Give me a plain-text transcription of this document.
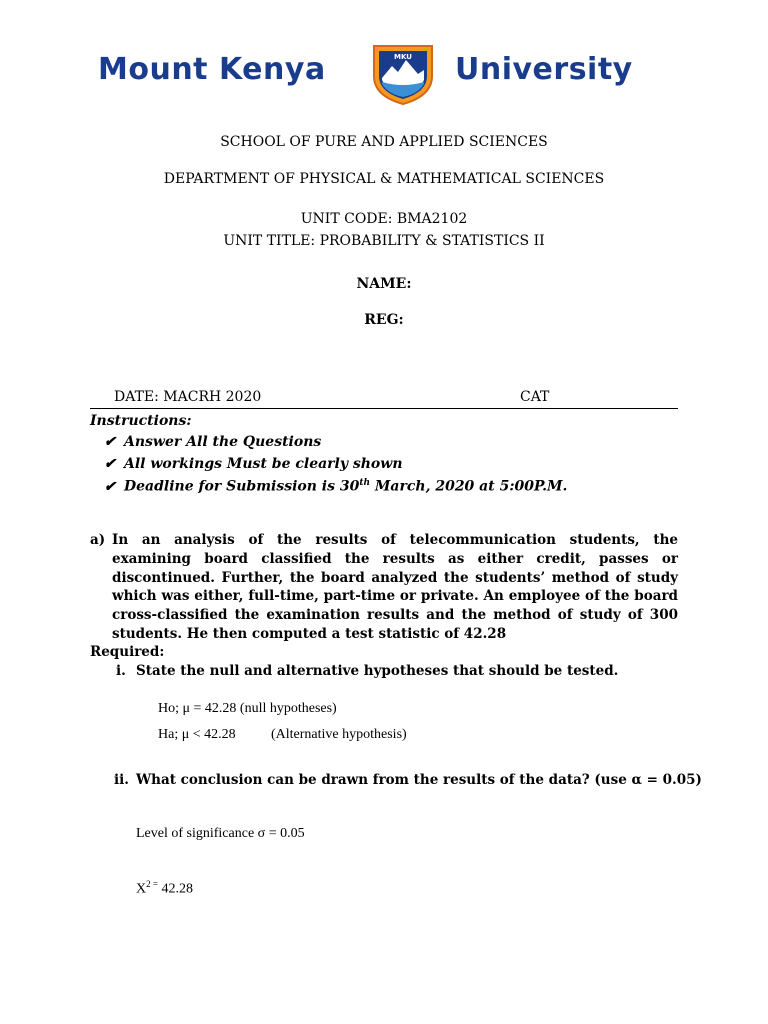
Mount Kenya	MKU University
SCHOOL OF PURE AND APPLIED SCIENCES
DEPARTMENT OF PHYSICAL & MATHEMATICAL SCIENCES
UNIT CODE: BMA2102
UNIT TITLE: PROBABILITY & STATISTICS II
NAME:
REG:
DATE: MACRH 2020	CAT
Instructions:
✔ Answer All the Questions
✔ All workings Must be clearly shown
✔ Deadline for Submission is 30th March, 2020 at 5:00P.M.
a) In an analysis of the results of telecommunication students, the examining board classified the results as either credit, passes or discontinued. Further, the board analyzed the students’ method of study which was either, full-time, part-time or private. An employee of the board cross-classified the examination results and the method of study of 300 students. He then computed a test statistic of 42.28
Required:
i. State the null and alternative hypotheses that should be tested.
Ho; μ = 42.28 (null hypotheses)
Ha; μ < 42.28	(Alternative hypothesis)
ii. What conclusion can be drawn from the results of the data? (use α = 0.05)
Level of significance σ = 0.05
$X^{2 =}$ 42.28
